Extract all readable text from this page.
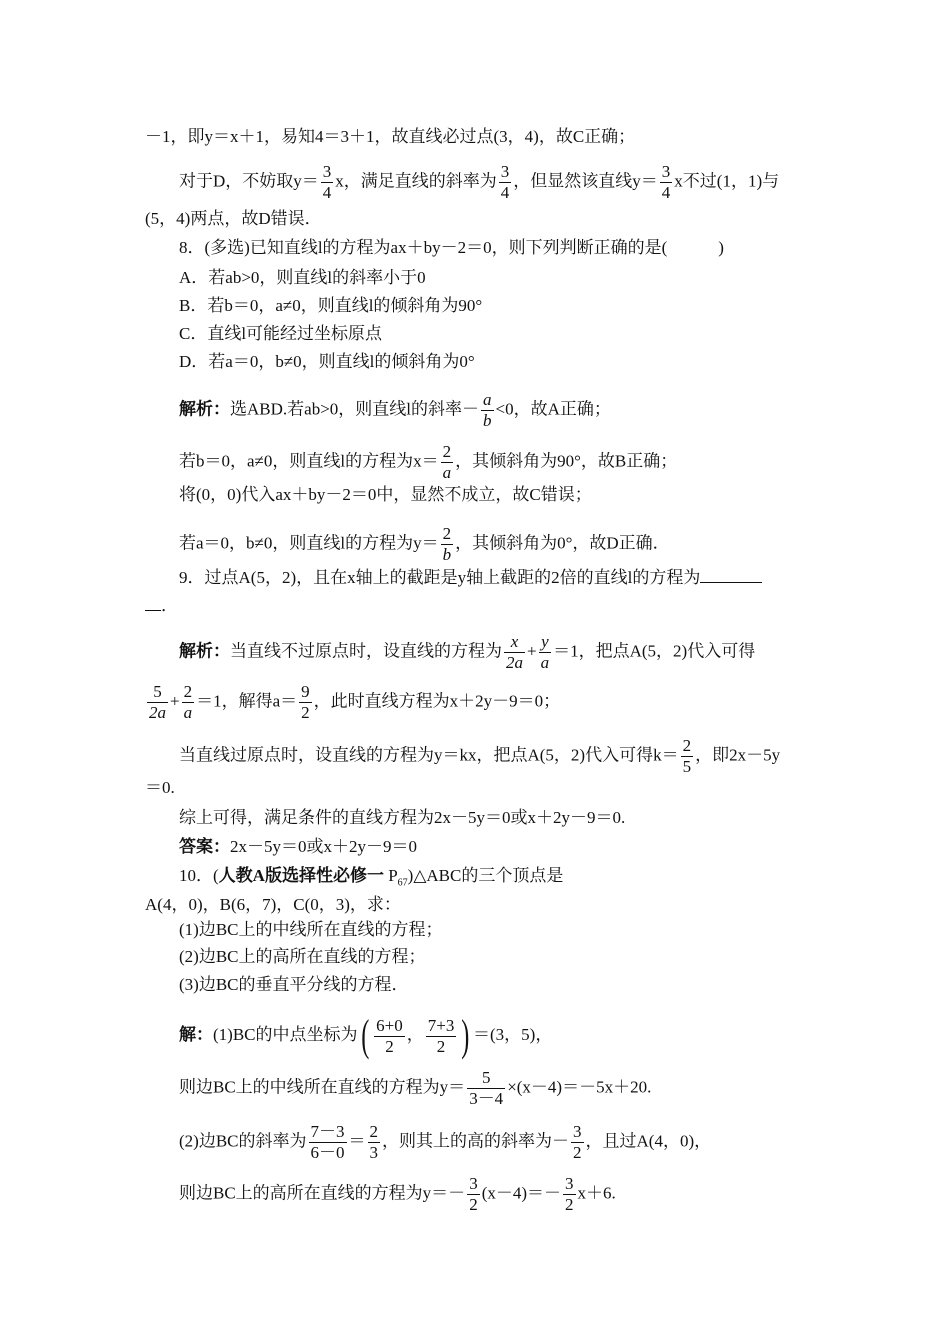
－1，即y＝x＋1，易知4＝3＋1，故直线必过点(3，4)，故C正确；
对于D，不妨取$y= \frac{3}{4}$ x，满足直线的斜率为 $\frac{3}{4}$ ，但显然该直线$y= \frac{3}{4}$ x不过(1，1)与
(5，4)两点，故D错误．
8．(多选)已知直线l的方程为ax＋by－2＝0，则下列判断正确的是(　　　)
A．若ab>0，则直线l的斜率小于0
B．若b＝0，a≠0，则直线l的倾斜角为90°
C．直线l可能经过坐标原点
D．若a＝0，b≠0，则直线l的倾斜角为0°
解析：选ABD.若ab>0，则直线l的斜率－ $\frac{a}{b} <0$，故A正确；
若b＝0，a≠0，则直线l的方程为$x= \frac{2}{a}$ ，其倾斜角为90°，故B正确；
将(0，0)代入ax＋by－2＝0中，显然不成立，故C错误；
若a＝0，b≠0，则直线l的方程为$y= \frac{2}{b}$ ，其倾斜角为0°，故D正确．
9．过点A(5，2)，且在x轴上的截距是y轴上截距的2倍的直线l的方程为
．
解析：当直线不过原点时，设直线的方程为 $\frac{x}{2a} + \frac{y}{a} =1$，把点A(5，2)代入可得
$\frac{5}{2a} + \frac{2}{a} =1$，解得$a= \frac{9}{2}$ ，此时直线方程为x＋2y－9＝0；
当直线过原点时，设直线的方程为y＝kx，把点A(5，2)代入可得$k= \frac{2}{5}$ ，即2x－5y
＝0.
综上可得，满足条件的直线方程为2x－5y＝0或x＋2y－9＝0.
答案：2x－5y＝0或x＋2y－9＝0
10．(人教A版选择性必修一 $P_{67})\triangle ABC$的三个顶点是
A(4，0)，B(6，7)，C(0，3)，求：
(1)边BC上的中线所在直线的方程；
(2)边BC上的高所在直线的方程；
(3)边BC的垂直平分线的方程．
解：(1)BC的中点坐标为( $\frac{6+0}{2}$ ， $\frac{7+3}{2}$ ) ＝(3，5)，
则边BC上的中线所在直线的方程为$y= \frac{5}{3-4} \times(x-4)=-5x+20$.
(2)边BC的斜率为 $\frac{7-3}{6-0} = \frac{2}{3}$ ，则其上的高的斜率为－ $\frac{3}{2}$ ，且过A(4，0)，
则边BC上的高所在直线的方程为$y=- \frac{3}{2} (x-4)=- \frac{3}{2} x+6$.
